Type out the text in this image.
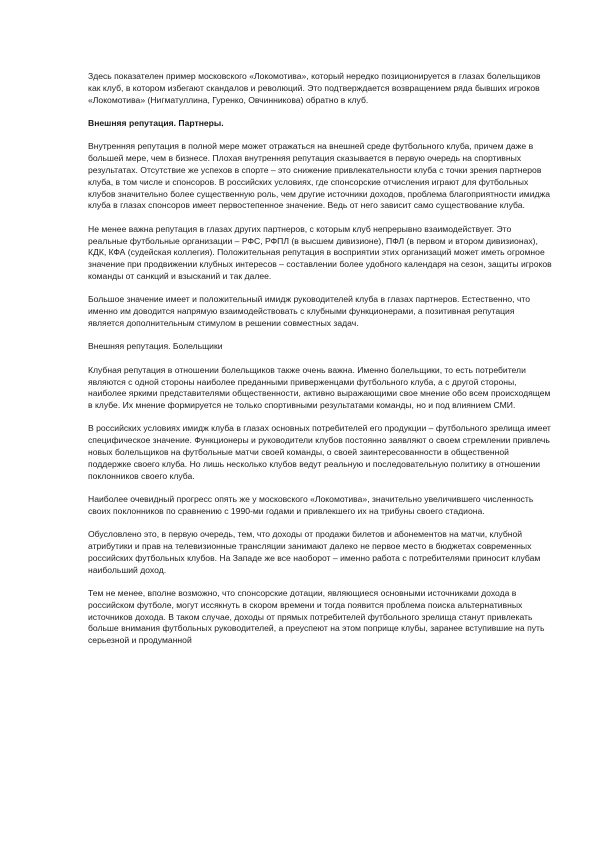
Здесь показателен пример московского «Локомотива», который нередко позиционируется в глазах болельщиков как клуб, в котором избегают скандалов и революций. Это подтверждается возвращением ряда бывших игроков «Локомотива» (Нигматуллина, Гуренко, Овчинникова) обратно в клуб.

Внешняя репутация. Партнеры.

Внутренняя репутация в полной мере может отражаться на внешней среде футбольного клуба, причем даже в большей мере, чем в бизнесе. Плохая внутренняя репутация сказывается в первую очередь на спортивных результатах. Отсутствие же успехов в спорте – это снижение привлекательности клуба с точки зрения партнеров клуба, в том числе и спонсоров. В российских условиях, где спонсорские отчисления играют для футбольных клубов значительно более существенную роль, чем другие источники доходов, проблема благоприятности имиджа клуба в глазах спонсоров имеет первостепенное значение. Ведь от него зависит само существование клуба.

Не менее важна репутация в глазах других партнеров, с которым клуб непрерывно взаимодействует. Это реальные футбольные организации – РФС, РФПЛ (в высшем дивизионе), ПФЛ (в первом и втором дивизионах), КДК, КФА (судейская коллегия). Положительная репутация в восприятии этих организаций может иметь огромное значение при продвижении клубных интересов – составлении более удобного календаря на сезон, защиты игроков команды от санкций и взысканий и так далее.

Большое значение имеет и положительный имидж руководителей клуба в глазах партнеров. Естественно, что именно им доводится напрямую взаимодействовать с клубными функционерами, а позитивная репутация является дополнительным стимулом в решении совместных задач.

Внешняя репутация. Болельщики

Клубная репутация в отношении болельщиков также очень важна. Именно болельщики, то есть потребители являются с одной стороны наиболее преданными приверженцами футбольного клуба, а с другой стороны, наиболее яркими представителями общественности, активно выражающими свое мнение обо всем происходящем в клубе. Их мнение формируется не только спортивными результатами команды, но и под влиянием СМИ.

В российских условиях имидж клуба в глазах основных потребителей его продукции – футбольного зрелища имеет специфическое значение. Функционеры и руководители клубов постоянно заявляют о своем стремлении привлечь новых болельщиков на футбольные матчи своей команды, о своей заинтересованности в общественной поддержке своего клуба. Но лишь несколько клубов ведут реальную и последовательную политику в отношении поклонников своего клуба.

Наиболее очевидный прогресс опять же у московского «Локомотива», значительно увеличившего численность своих поклонников по сравнению с 1990-ми годами и привлекшего их на трибуны своего стадиона.

Обусловлено это, в первую очередь, тем, что доходы от продажи билетов и абонементов на матчи, клубной атрибутики и прав на телевизионные трансляции занимают далеко не первое место в бюджетах современных российских футбольных клубов. На Западе же все наоборот – именно работа с потребителями приносит клубам наибольший доход.

Тем не менее, вполне возможно, что спонсорские дотации, являющиеся основными источниками дохода в российском футболе, могут иссякнуть в скором времени и тогда появится проблема поиска альтернативных источников дохода. В таком случае, доходы от прямых потребителей футбольного зрелища станут привлекать больше внимания футбольных руководителей, а преуспеют на этом поприще клубы, заранее вступившие на путь серьезной и продуманной
